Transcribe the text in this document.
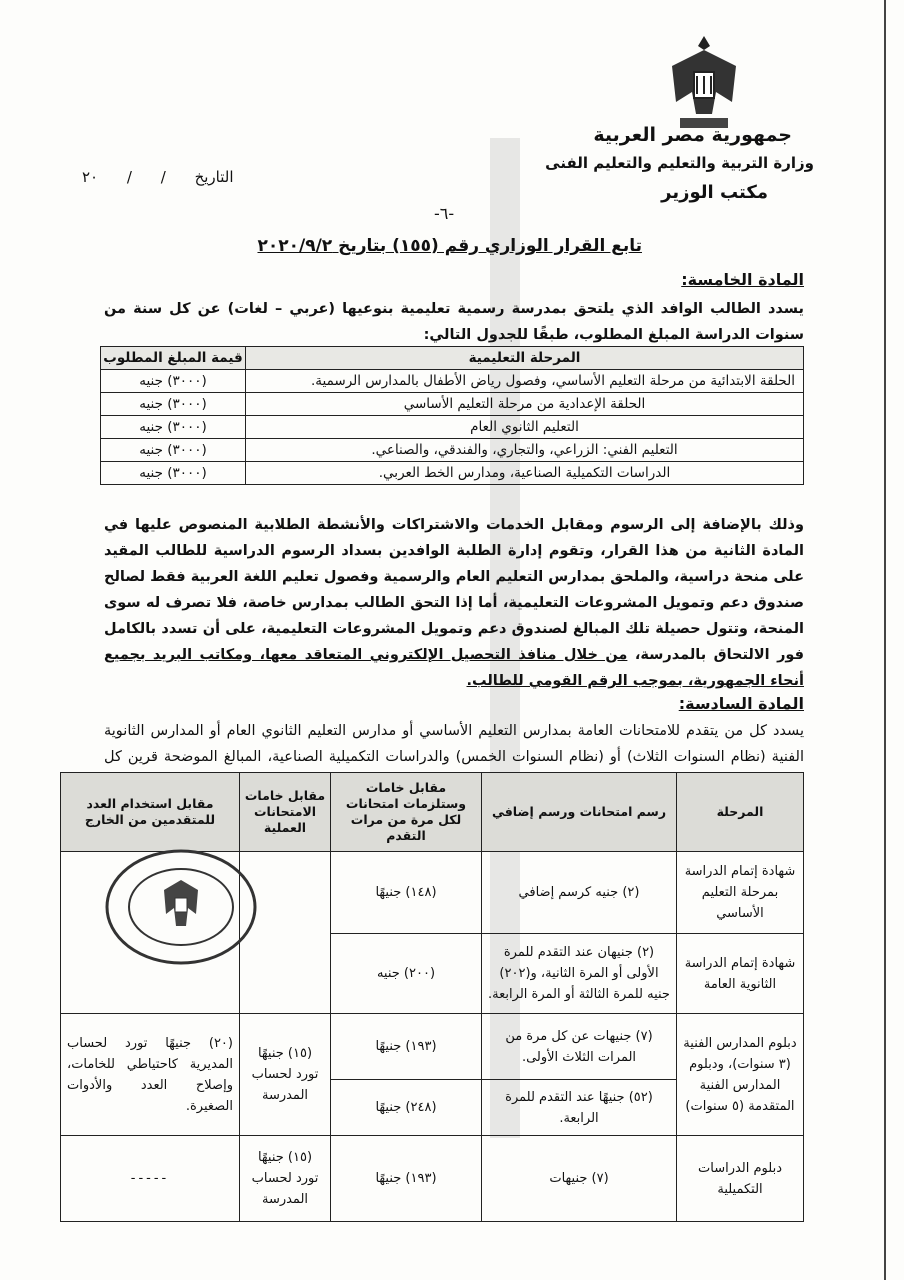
جمهورية مصر العربية
وزارة التربية والتعليم والتعليم الفنى
مكتب الوزير
التاريخ / / ٢٠
-٦-
تابع القرار الوزاري رقم (١٥٥) بتاريخ ٢٠٢٠/٩/٢
المادة الخامسة:
يسدد الطالب الوافد الذي يلتحق بمدرسة رسمية تعليمية بنوعيها (عربي – لغات) عن كل سنة من سنوات الدراسة المبلغ المطلوب، طبقًا للجدول التالي:
المرحلة التعليمية	قيمة المبلغ المطلوب
الحلقة الابتدائية من مرحلة التعليم الأساسي، وفصول رياض الأطفال بالمدارس الرسمية.	(٣٠٠٠) جنيه
الحلقة الإعدادية من مرحلة التعليم الأساسي	(٣٠٠٠) جنيه
التعليم الثانوي العام	(٣٠٠٠) جنيه
التعليم الفني: الزراعي، والتجاري، والفندقي، والصناعي.	(٣٠٠٠) جنيه
الدراسات التكميلية الصناعية، ومدارس الخط العربي.	(٣٠٠٠) جنيه
وذلك بالإضافة إلى الرسوم ومقابل الخدمات والاشتراكات والأنشطة الطلابية المنصوص عليها في المادة الثانية من هذا القرار، وتقوم إدارة الطلبة الوافدين بسداد الرسوم الدراسية للطالب المقيد على منحة دراسية، والملحق بمدارس التعليم العام والرسمية وفصول تعليم اللغة العربية فقط لصالح صندوق دعم وتمويل المشروعات التعليمية، أما إذا التحق الطالب بمدارس خاصة، فلا تصرف له سوى المنحة، وتتول حصيلة تلك المبالغ لصندوق دعم وتمويل المشروعات التعليمية، على أن تسدد بالكامل فور الالتحاق بالمدرسة، من خلال منافذ التحصيل الإلكتروني المتعاقد معها، ومكاتب البريد بجميع أنحاء الجمهورية، بموجب الرقم القومي للطالب.
المادة السادسة:
يسدد كل من يتقدم للامتحانات العامة بمدارس التعليم الأساسي أو مدارس التعليم الثانوي العام أو المدارس الثانوية الفنية (نظام السنوات الثلاث) أو (نظام السنوات الخمس) والدراسات التكميلية الصناعية، المبالغ الموضحة قرين كل
المرحلة	رسم امتحانات ورسم إضافي	مقابل خامات وستلزمات امتحانات لكل مرة من مرات التقدم	مقابل خامات الامتحانات العملية	مقابل استخدام العدد للمتقدمين من الخارج
شهادة إتمام الدراسة بمرحلة التعليم الأساسي	(٢) جنيه كرسم إضافي	(١٤٨) جنيهًا		
شهادة إتمام الدراسة الثانوية العامة	(٢) جنيهان عند التقدم للمرة الأولى أو المرة الثانية، و(٢٠٢) جنيه للمرة الثالثة أو المرة الرابعة.	(٢٠٠) جنيه		
دبلوم المدارس الفنية (٣ سنوات)، ودبلوم المدارس الفنية المتقدمة (٥ سنوات)	(٧) جنيهات عن كل مرة من المرات الثلاث الأولى.	(١٩٣) جنيهًا	(١٥) جنيهًا تورد لحساب المدرسة	(٢٠) جنيهًا تورد لحساب المديرية كاحتياطي للخامات، وإصلاح العدد والأدوات الصغيرة.
	(٥٢) جنيهًا عند التقدم للمرة الرابعة.	(٢٤٨) جنيهًا		
دبلوم الدراسات التكميلية	(٧) جنيهات	(١٩٣) جنيهًا	(١٥) جنيهًا تورد لحساب المدرسة	-----
